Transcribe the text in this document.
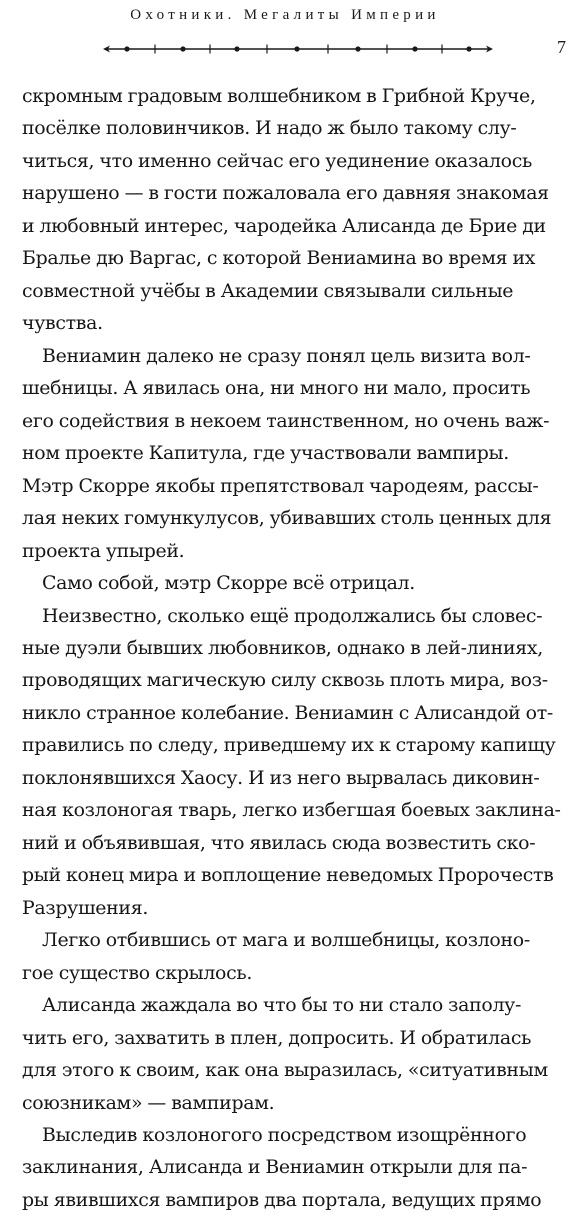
Охотники. Мегалиты Империи
7
скромным градовым волшебником в Грибной Круче,
посёлке половинчиков. И надо ж было такому слу-
читься, что именно сейчас его уединение оказалось
нарушено — в гости пожаловала его давняя знакомая
и любовный интерес, чародейка Алисанда де Брие ди
Бралье дю Варгас, с которой Вениамина во время их
совместной учёбы в Академии связывали сильные
чувства.
Вениамин далеко не сразу понял цель визита вол-
шебницы. А явилась она, ни много ни мало, просить
его содействия в некоем таинственном, но очень важ-
ном проекте Капитула, где участвовали вампиры.
Мэтр Скорре якобы препятствовал чародеям, рассы-
лая неких гомункулусов, убивавших столь ценных для
проекта упырей.
Само собой, мэтр Скорре всё отрицал.
Неизвестно, сколько ещё продолжались бы словес-
ные дуэли бывших любовников, однако в лей-линиях,
проводящих магическую силу сквозь плоть мира, воз-
никло странное колебание. Вениамин с Алисандой от-
правились по следу, приведшему их к старому капищу
поклонявшихся Хаосу. И из него вырвалась диковин-
ная козлоногая тварь, легко избегшая боевых заклина-
ний и объявившая, что явилась сюда возвестить ско-
рый конец мира и воплощение неведомых Пророчеств
Разрушения.
Легко отбившись от мага и волшебницы, козлоно-
гое существо скрылось.
Алисанда жаждала во что бы то ни стало заполу-
чить его, захватить в плен, допросить. И обратилась
для этого к своим, как она выразилась, «ситуативным
союзникам» — вампирам.
Выследив козлоногого посредством изощрённого
заклинания, Алисанда и Вениамин открыли для па-
ры явившихся вампиров два портала, ведущих прямо
